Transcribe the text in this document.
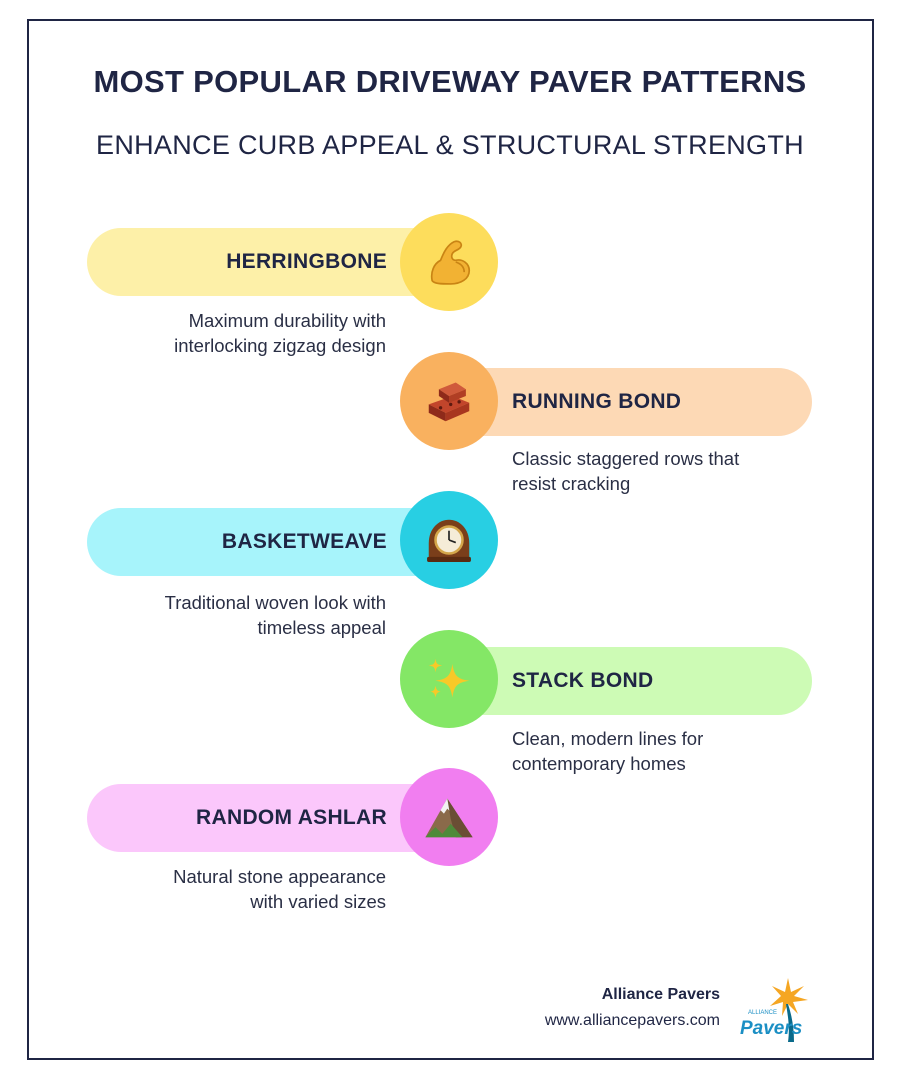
MOST POPULAR DRIVEWAY PAVER PATTERNS
ENHANCE CURB APPEAL & STRUCTURAL STRENGTH
HERRINGBONE
Maximum durability with
interlocking zigzag design
RUNNING BOND
Classic staggered rows that
resist cracking
BASKETWEAVE
Traditional woven look with
timeless appeal
STACK BOND
Clean, modern lines for
contemporary homes
RANDOM ASHLAR
Natural stone appearance
with varied sizes
Alliance Pavers
www.alliancepavers.com	ALLIANCE
Pavers
